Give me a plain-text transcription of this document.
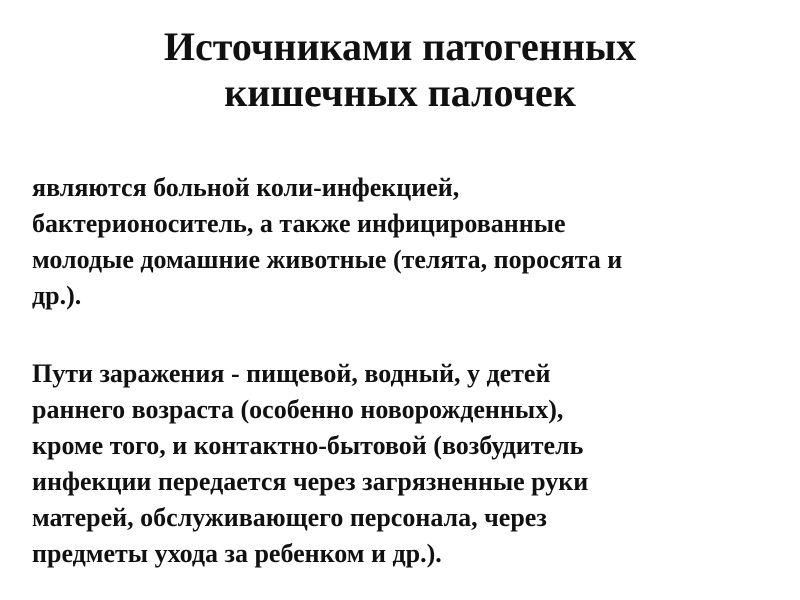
Источниками патогенных
кишечных палочек

являются больной коли-инфекцией,
бактерионоситель, а также инфицированные
молодые домашние животные (телята, поросята и
др.).

Пути заражения - пищевой, водный, у детей
раннего возраста (особенно новорожденных),
кроме того, и контактно-бытовой (возбудитель
инфекции передается через загрязненные руки
матерей, обслуживающего персонала, через
предметы ухода за ребенком и др.).
